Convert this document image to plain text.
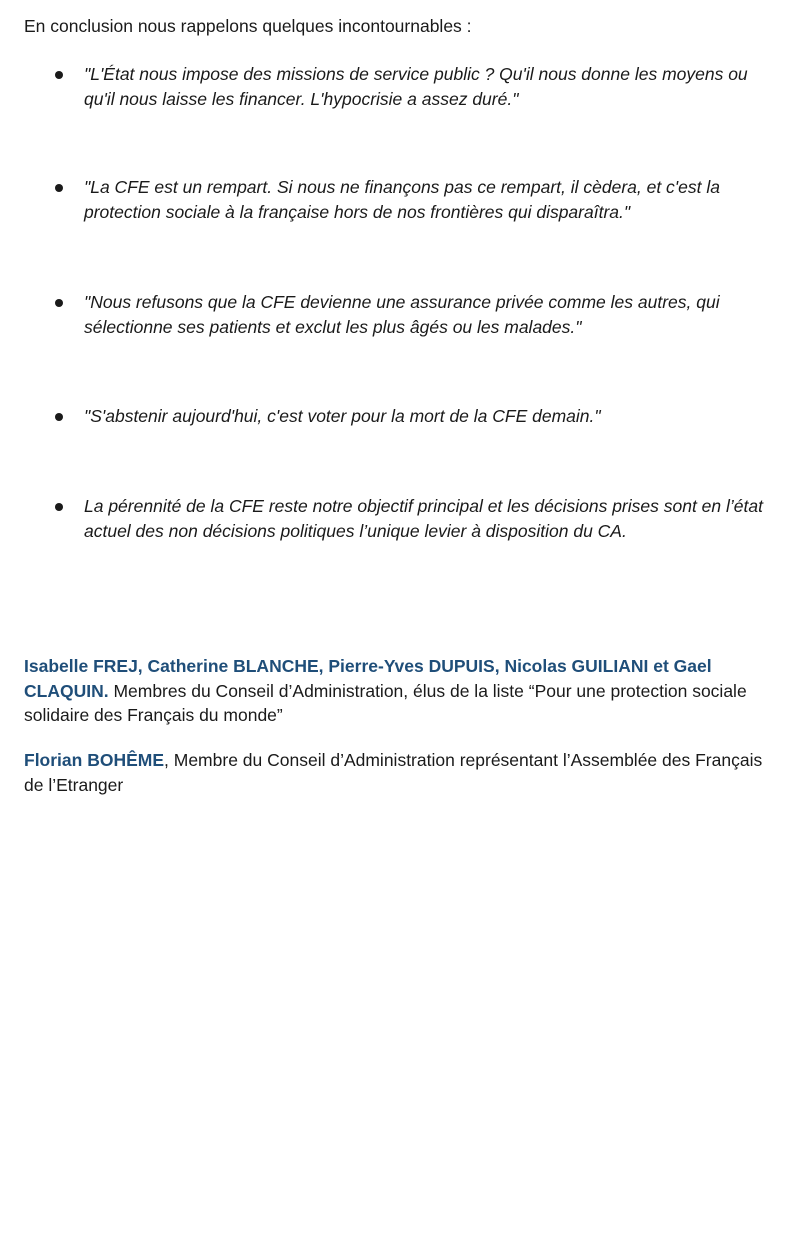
En conclusion nous rappelons quelques incontournables :

"L'État nous impose des missions de service public ? Qu'il nous donne les moyens ou qu'il nous laisse les financer. L'hypocrisie a assez duré."

"La CFE est un rempart. Si nous ne finançons pas ce rempart, il cèdera, et c'est la protection sociale à la française hors de nos frontières qui disparaîtra."

"Nous refusons que la CFE devienne une assurance privée comme les autres, qui sélectionne ses patients et exclut les plus âgés ou les malades."

"S'abstenir aujourd'hui, c'est voter pour la mort de la CFE demain."

La pérennité de la CFE reste notre objectif principal et les décisions prises sont en l’état actuel des non décisions politiques l’unique levier à disposition du CA.

Isabelle FREJ, Catherine BLANCHE, Pierre-Yves DUPUIS, Nicolas GUILIANI et Gael CLAQUIN. Membres du Conseil d’Administration, élus de la liste “Pour une protection sociale solidaire des Français du monde”

Florian BOHÊME, Membre du Conseil d’Administration représentant l’Assemblée des Français de l’Etranger
